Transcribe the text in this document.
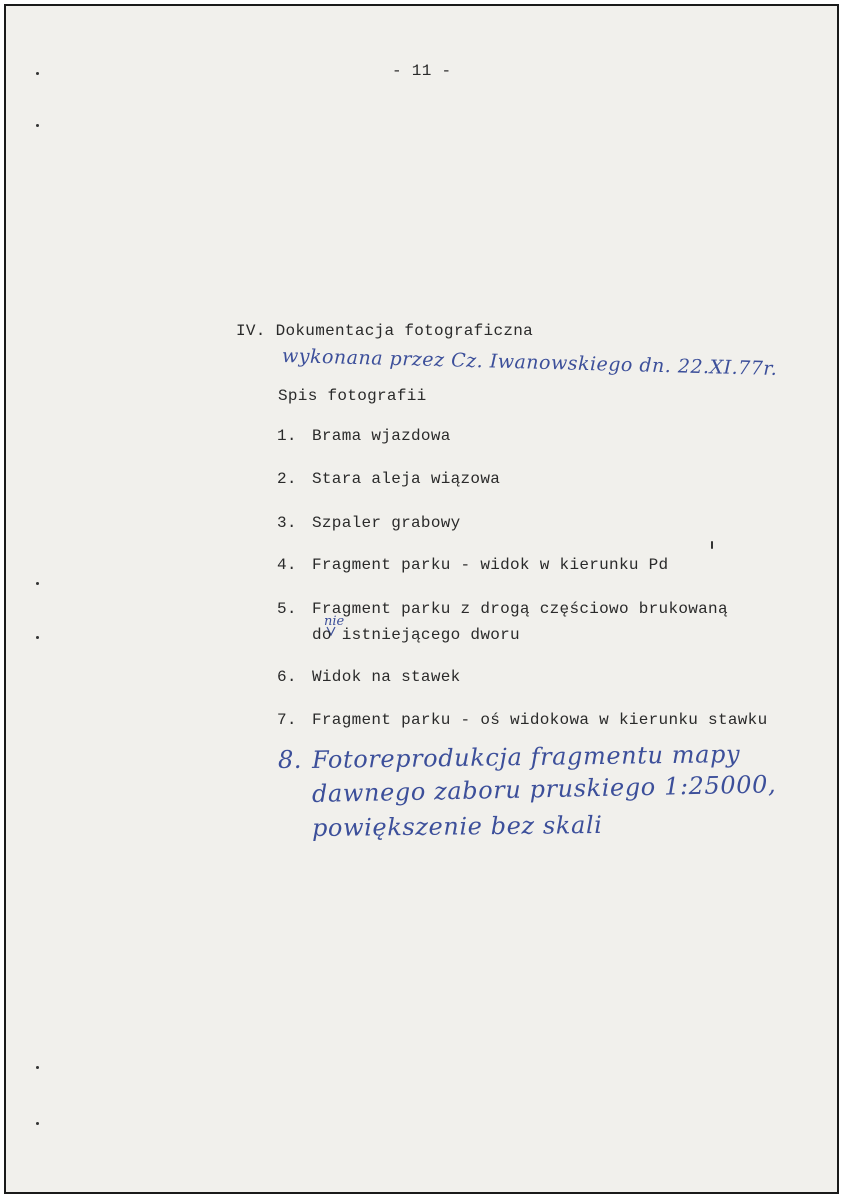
- 11 -
IV. Dokumentacja fotograficzna
wykonana przez Cz. Iwanowskiego dn. 22.XI.77r.
Spis fotografii
1. Brama wjazdowa
2. Stara aleja wiązowa
3. Szpaler grabowy
4. Fragment parku - widok w kierunku Pd
5. Fragment parku z drogą częściowo brukowaną
nie
do istniejącego dworu
6. Widok na stawek
7. Fragment parku - oś widokowa w kierunku stawku
8. Fotoreprodukcja fragmentu mapy
dawnego zaboru pruskiego 1:25000,
powiększenie bez skali
